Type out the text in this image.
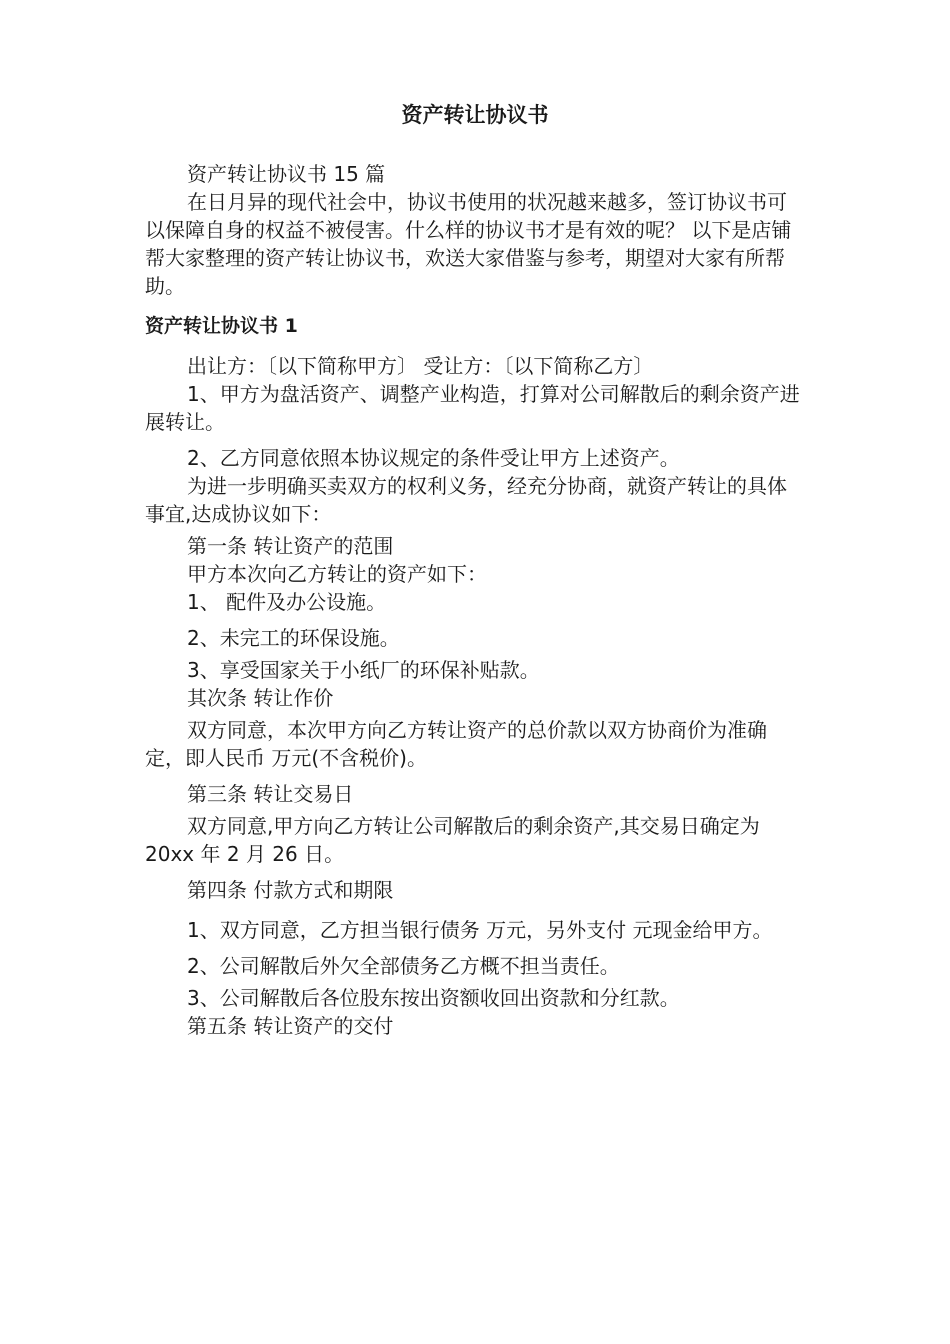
资产转让协议书

资产转让协议书 15 篇

在日月异的现代社会中，协议书使用的状况越来越多，签订协议书可以保障自身的权益不被侵害。什么样的协议书才是有效的呢？ 以下是店铺帮大家整理的资产转让协议书，欢送大家借鉴与参考，期望对大家有所帮助。

资产转让协议书 1

出让方：〔以下简称甲方〕 受让方：〔以下简称乙方〕

1、甲方为盘活资产、调整产业构造，打算对公司解散后的剩余资产进展转让。

2、乙方同意依照本协议规定的条件受让甲方上述资产。

为进一步明确买卖双方的权利义务，经充分协商，就资产转让的具体事宜,达成协议如下：

第一条 转让资产的范围

甲方本次向乙方转让的资产如下：

1、 配件及办公设施。

2、未完工的环保设施。

3、享受国家关于小纸厂的环保补贴款。

其次条 转让作价

双方同意，本次甲方向乙方转让资产的总价款以双方协商价为准确定，即人民币 万元(不含税价)。

第三条 转让交易日

双方同意,甲方向乙方转让公司解散后的剩余资产,其交易日确定为 20xx 年 2 月 26 日。

第四条 付款方式和期限

1、双方同意，乙方担当银行债务 万元，另外支付 元现金给甲方。

2、公司解散后外欠全部债务乙方概不担当责任。

3、公司解散后各位股东按出资额收回出资款和分红款。

第五条 转让资产的交付
